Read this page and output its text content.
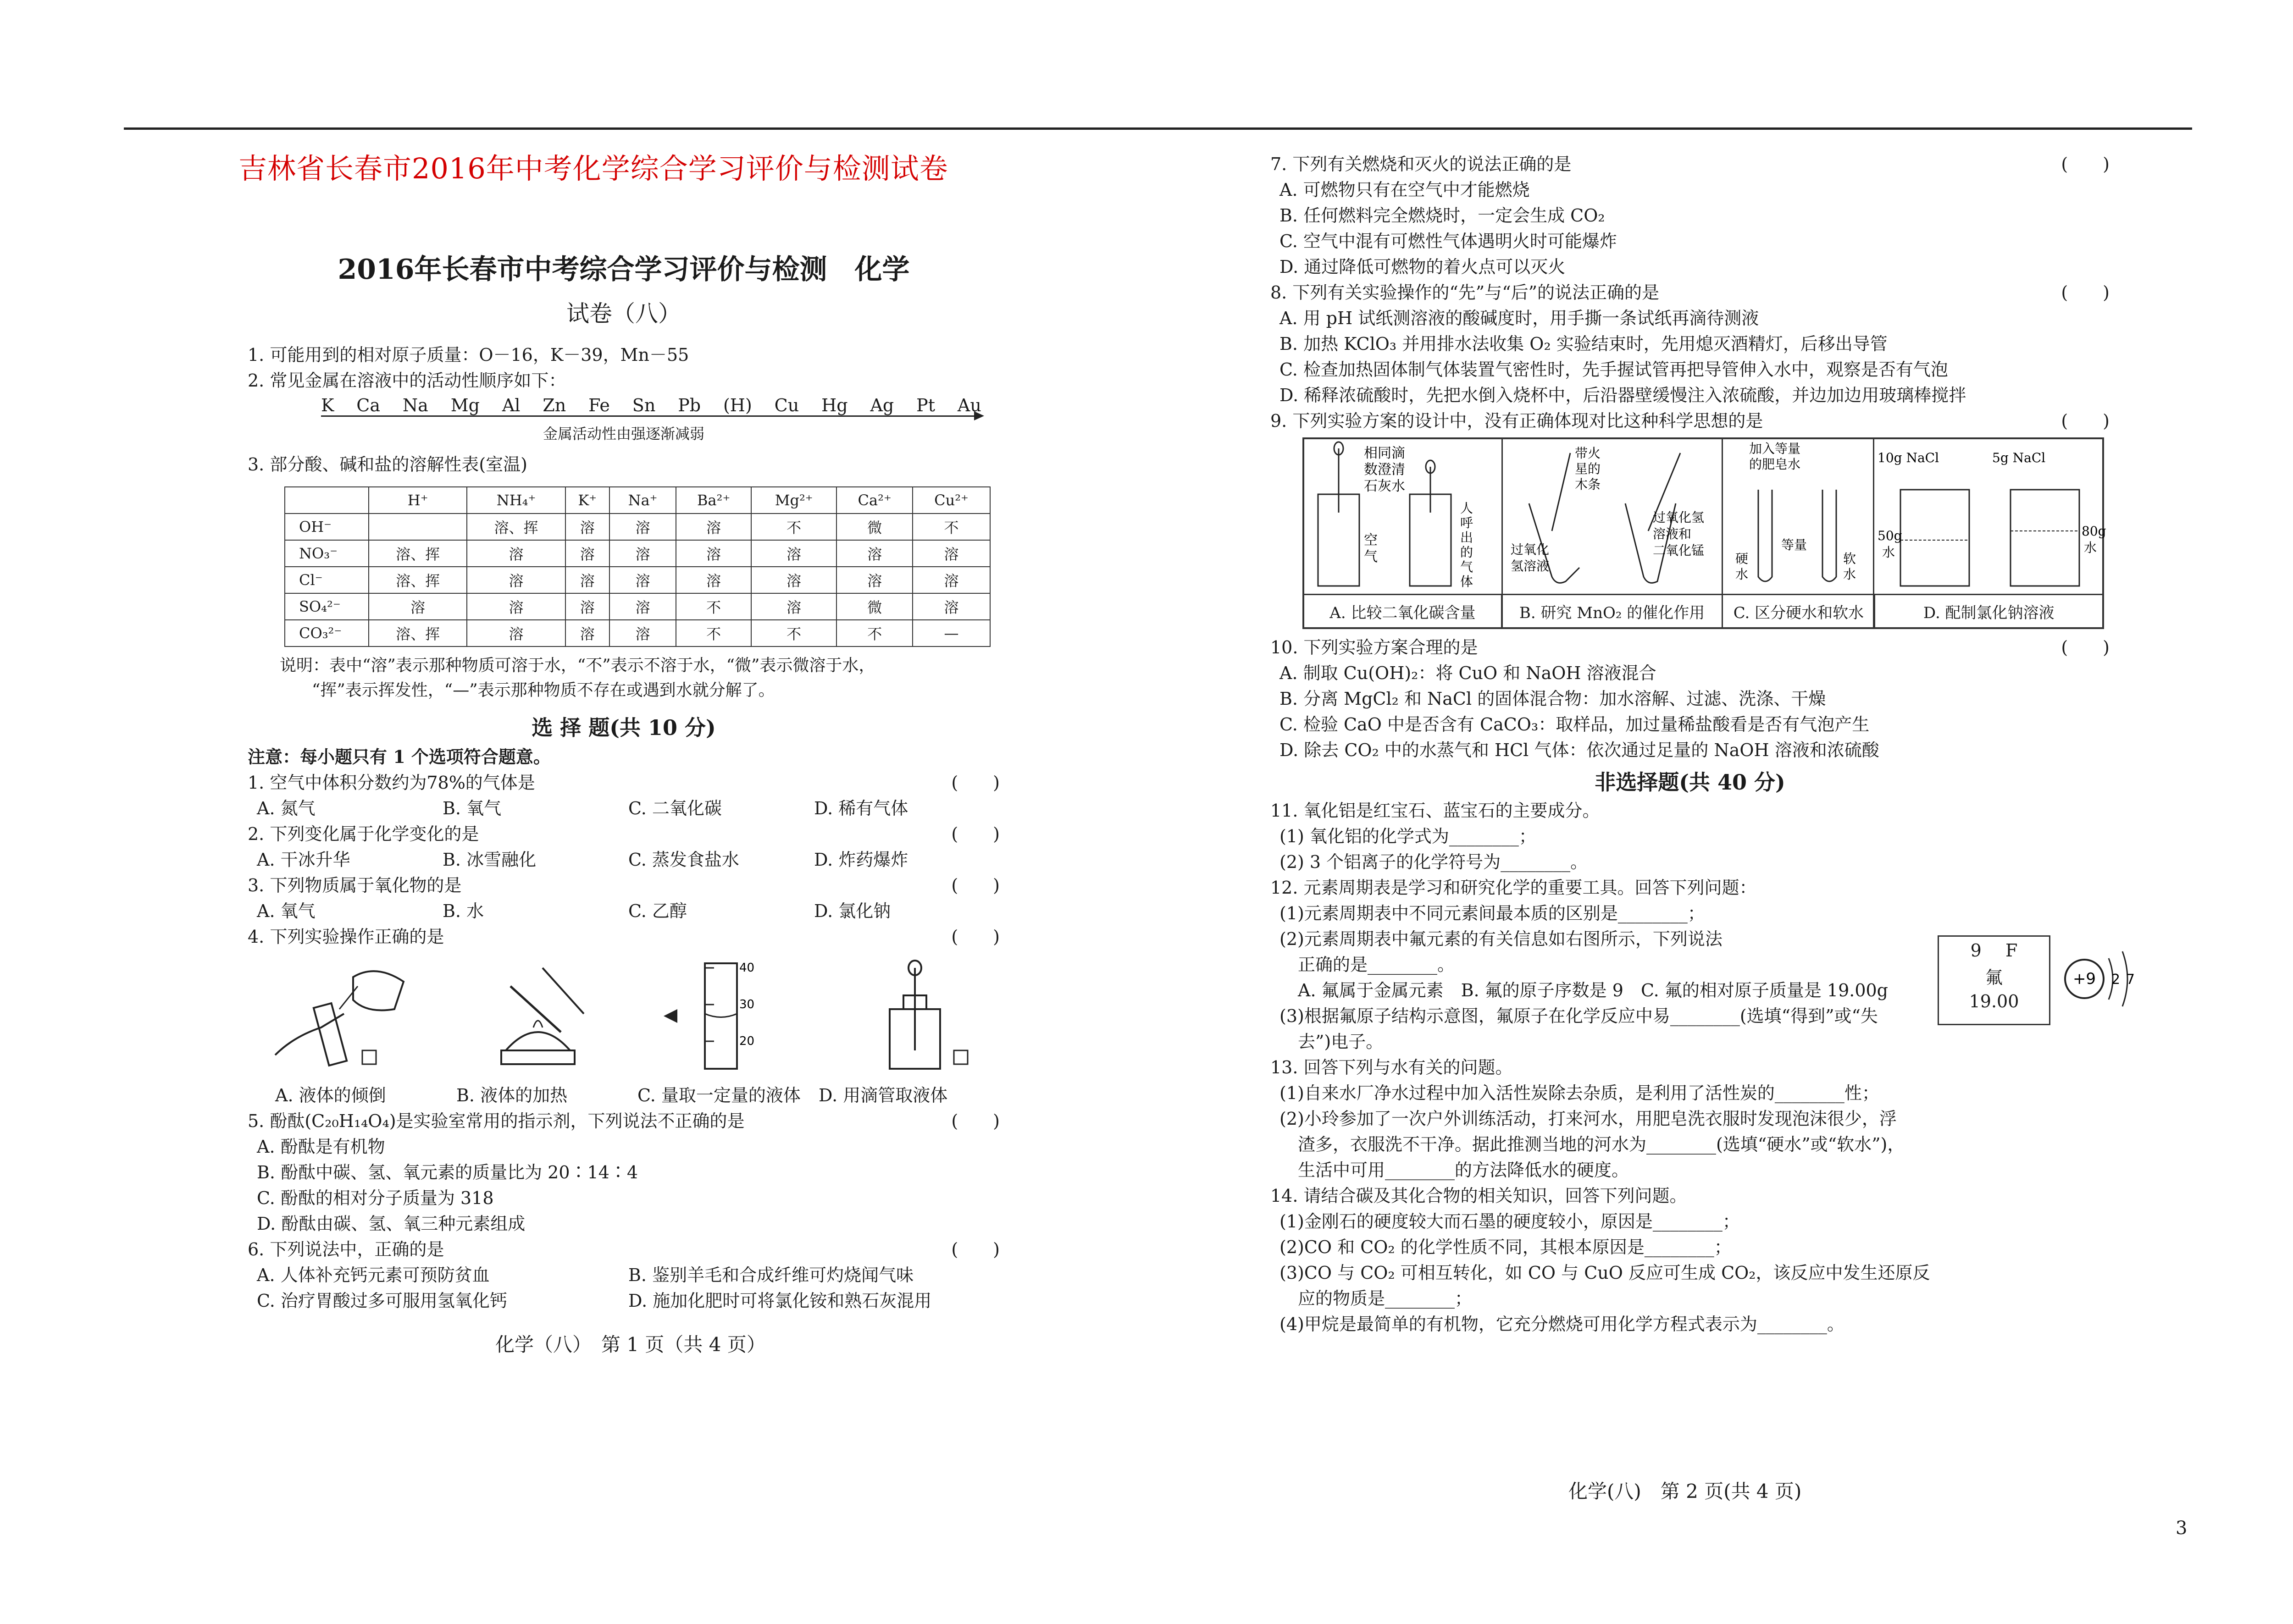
吉林省长春市2016年中考化学综合学习评价与检测试卷
2016年长春市中考综合学习评价与检测　化学
试卷（八）
1. 可能用到的相对原子质量：O－16，K－39，Mn－55
2. 常见金属在溶液中的活动性顺序如下：
K Ca Na Mg Al Zn Fe Sn Pb (H) Cu Hg Ag Pt Au
金属活动性由强逐渐减弱
3. 部分酸、碱和盐的溶解性表(室温)
	H⁺	NH₄⁺	K⁺	Na⁺	Ba²⁺	Mg²⁺	Ca²⁺	Cu²⁺
OH⁻		溶、挥	溶	溶	溶	不	微	不
NO₃⁻	溶、挥	溶	溶	溶	溶	溶	溶	溶
Cl⁻	溶、挥	溶	溶	溶	溶	溶	溶	溶
SO₄²⁻	溶	溶	溶	溶	不	溶	微	溶
CO₃²⁻	溶、挥	溶	溶	溶	不	不	不	—
说明：表中“溶”表示那种物质可溶于水，“不”表示不溶于水，“微”表示微溶于水，
“挥”表示挥发性，“—”表示那种物质不存在或遇到水就分解了。
选 择 题(共 10 分)
注意：每小题只有 1 个选项符合题意。
1. 空气中体积分数约为78%的气体是	(　　)
A. 氮气	B. 氧气	C. 二氧化碳	D. 稀有气体
2. 下列变化属于化学变化的是	(　　)
A. 干冰升华	B. 冰雪融化	C. 蒸发食盐水	D. 炸药爆炸
3. 下列物质属于氧化物的是	(　　)
A. 氧气	B. 水	C. 乙醇	D. 氯化钠
4. 下列实验操作正确的是	(　　)
40
30
20
A. 液体的倾倒	B. 液体的加热	C. 量取一定量的液体	D. 用滴管取液体
5. 酚酞(C₂₀H₁₄O₄)是实验室常用的指示剂，下列说法不正确的是	(　　)
A. 酚酞是有机物
B. 酚酞中碳、氢、氧元素的质量比为 20∶14∶4
C. 酚酞的相对分子质量为 318
D. 酚酞由碳、氢、氧三种元素组成
6. 下列说法中，正确的是	(　　)
A. 人体补充钙元素可预防贫血	B. 鉴别羊毛和合成纤维可灼烧闻气味
C. 治疗胃酸过多可服用氢氧化钙	D. 施加化肥时可将氯化铵和熟石灰混用
化学（八）　第 1 页（共 4 页）
7. 下列有关燃烧和灭火的说法正确的是	(　　)
A. 可燃物只有在空气中才能燃烧
B. 任何燃料完全燃烧时，一定会生成 CO₂
C. 空气中混有可燃性气体遇明火时可能爆炸
D. 通过降低可燃物的着火点可以灭火
8. 下列有关实验操作的“先”与“后”的说法正确的是	(　　)
A. 用 pH 试纸测溶液的酸碱度时，用手撕一条试纸再滴待测液
B. 加热 KClO₃ 并用排水法收集 O₂ 实验结束时，先用熄灭酒精灯，后移出导管
C. 检查加热固体制气体装置气密性时，先手握试管再把导管伸入水中，观察是否有气泡
D. 稀释浓硫酸时，先把水倒入烧杯中，后沿器壁缓慢注入浓硫酸，并边加边用玻璃棒搅拌
9. 下列实验方案的设计中，没有正确体现对比这种科学思想的是	(　　)
相同滴
数澄清
石灰水
空
气
人
呼
出
的
气
体
带火
星的
木条
过氧化
氢溶液
过氧化氢
溶液和
二氧化锰
加入等量
的肥皂水
等量
硬
水
软
水
10g NaCl	5g NaCl
50g
水
80g
水
A. 比较二氧化碳含量	B. 研究 MnO₂ 的催化作用	C. 区分硬水和软水	D. 配制氯化钠溶液
10. 下列实验方案合理的是	(　　)
A. 制取 Cu(OH)₂：将 CuO 和 NaOH 溶液混合
B. 分离 MgCl₂ 和 NaCl 的固体混合物：加水溶解、过滤、洗涤、干燥
C. 检验 CaO 中是否含有 CaCO₃：取样品，加过量稀盐酸看是否有气泡产生
D. 除去 CO₂ 中的水蒸气和 HCl 气体：依次通过足量的 NaOH 溶液和浓硫酸
非选择题(共 40 分)
11. 氧化铝是红宝石、蓝宝石的主要成分。
(1) 氧化铝的化学式为________；
(2) 3 个铝离子的化学符号为________。
12. 元素周期表是学习和研究化学的重要工具。回答下列问题：
(1)元素周期表中不同元素间最本质的区别是________；
(2)元素周期表中氟元素的有关信息如右图所示，下列说法
正确的是________。
A. 氟属于金属元素　B. 氟的原子序数是 9　C. 氟的相对原子质量是 19.00g
(3)根据氟原子结构示意图，氟原子在化学反应中易________(选填“得到”或“失
去”)电子。
13. 回答下列与水有关的问题。
(1)自来水厂净水过程中加入活性炭除去杂质，是利用了活性炭的________性；
(2)小玲参加了一次户外训练活动，打来河水，用肥皂洗衣服时发现泡沫很少，浮
渣多，衣服洗不干净。据此推测当地的河水为________(选填“硬水”或“软水”)，
生活中可用________的方法降低水的硬度。
14. 请结合碳及其化合物的相关知识，回答下列问题。
(1)金刚石的硬度较大而石墨的硬度较小，原因是________；
(2)CO 和 CO₂ 的化学性质不同，其根本原因是________；
(3)CO 与 CO₂ 可相互转化，如 CO 与 CuO 反应可生成 CO₂，该反应中发生还原反
应的物质是________；
(4)甲烷是最简单的有机物，它充分燃烧可用化学方程式表示为________。
9 F
氟
19.00
+9 2 7
化学(八)　第 2 页(共 4 页)
3
